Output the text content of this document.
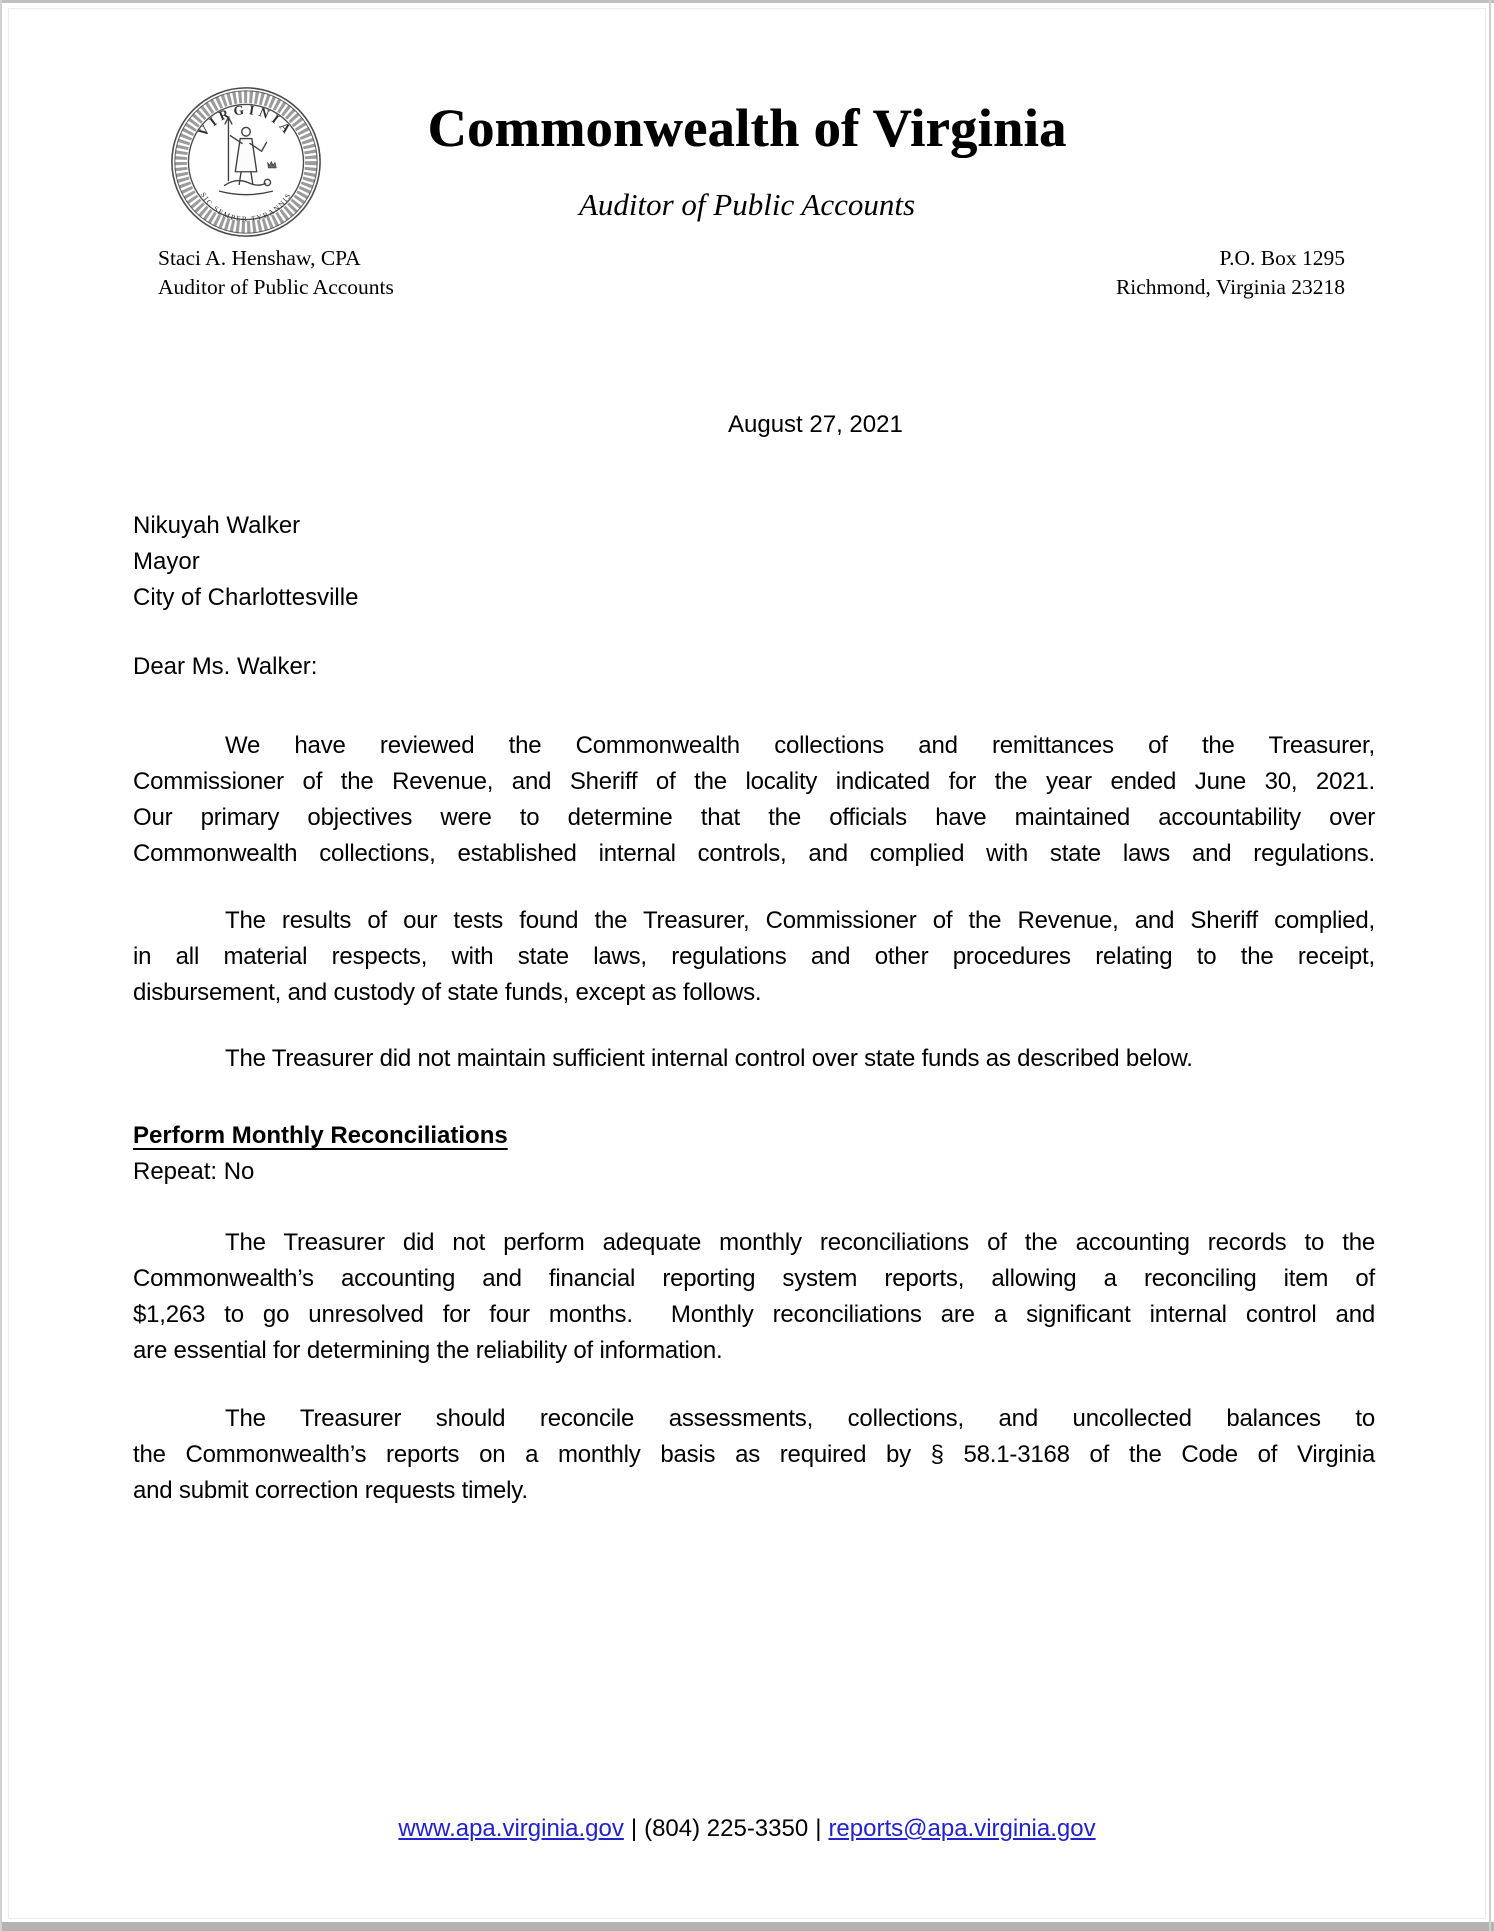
VIRGINIA
SIC SEMPER TYRANNIS
Commonwealth of Virginia
Auditor of Public Accounts
Staci A. Henshaw, CPA
Auditor of Public Accounts
P.O. Box 1295
Richmond, Virginia 23218
August 27, 2021
Nikuyah Walker
Mayor
City of Charlottesville
Dear Ms. Walker:
We have reviewed the Commonwealth collections and remittances of the Treasurer,
Commissioner of the Revenue, and Sheriff of the locality indicated for the year ended June 30, 2021.
Our primary objectives were to determine that the officials have maintained accountability over
Commonwealth collections, established internal controls, and complied with state laws and regulations.
The results of our tests found the Treasurer, Commissioner of the Revenue, and Sheriff complied,
in all material respects, with state laws, regulations and other procedures relating to the receipt,
disbursement, and custody of state funds, except as follows.
The Treasurer did not maintain sufficient internal control over state funds as described below.
Perform Monthly Reconciliations
Repeat: No
The Treasurer did not perform adequate monthly reconciliations of the accounting records to the
Commonwealth’s accounting and financial reporting system reports, allowing a reconciling item of
$1,263 to go unresolved for four months.  Monthly reconciliations are a significant internal control and
are essential for determining the reliability of information.
The Treasurer should reconcile assessments, collections, and uncollected balances to
the Commonwealth’s reports on a monthly basis as required by § 58.1-3168 of the Code of Virginia
and submit correction requests timely.
www.apa.virginia.gov | (804) 225-3350 | reports@apa.virginia.gov
